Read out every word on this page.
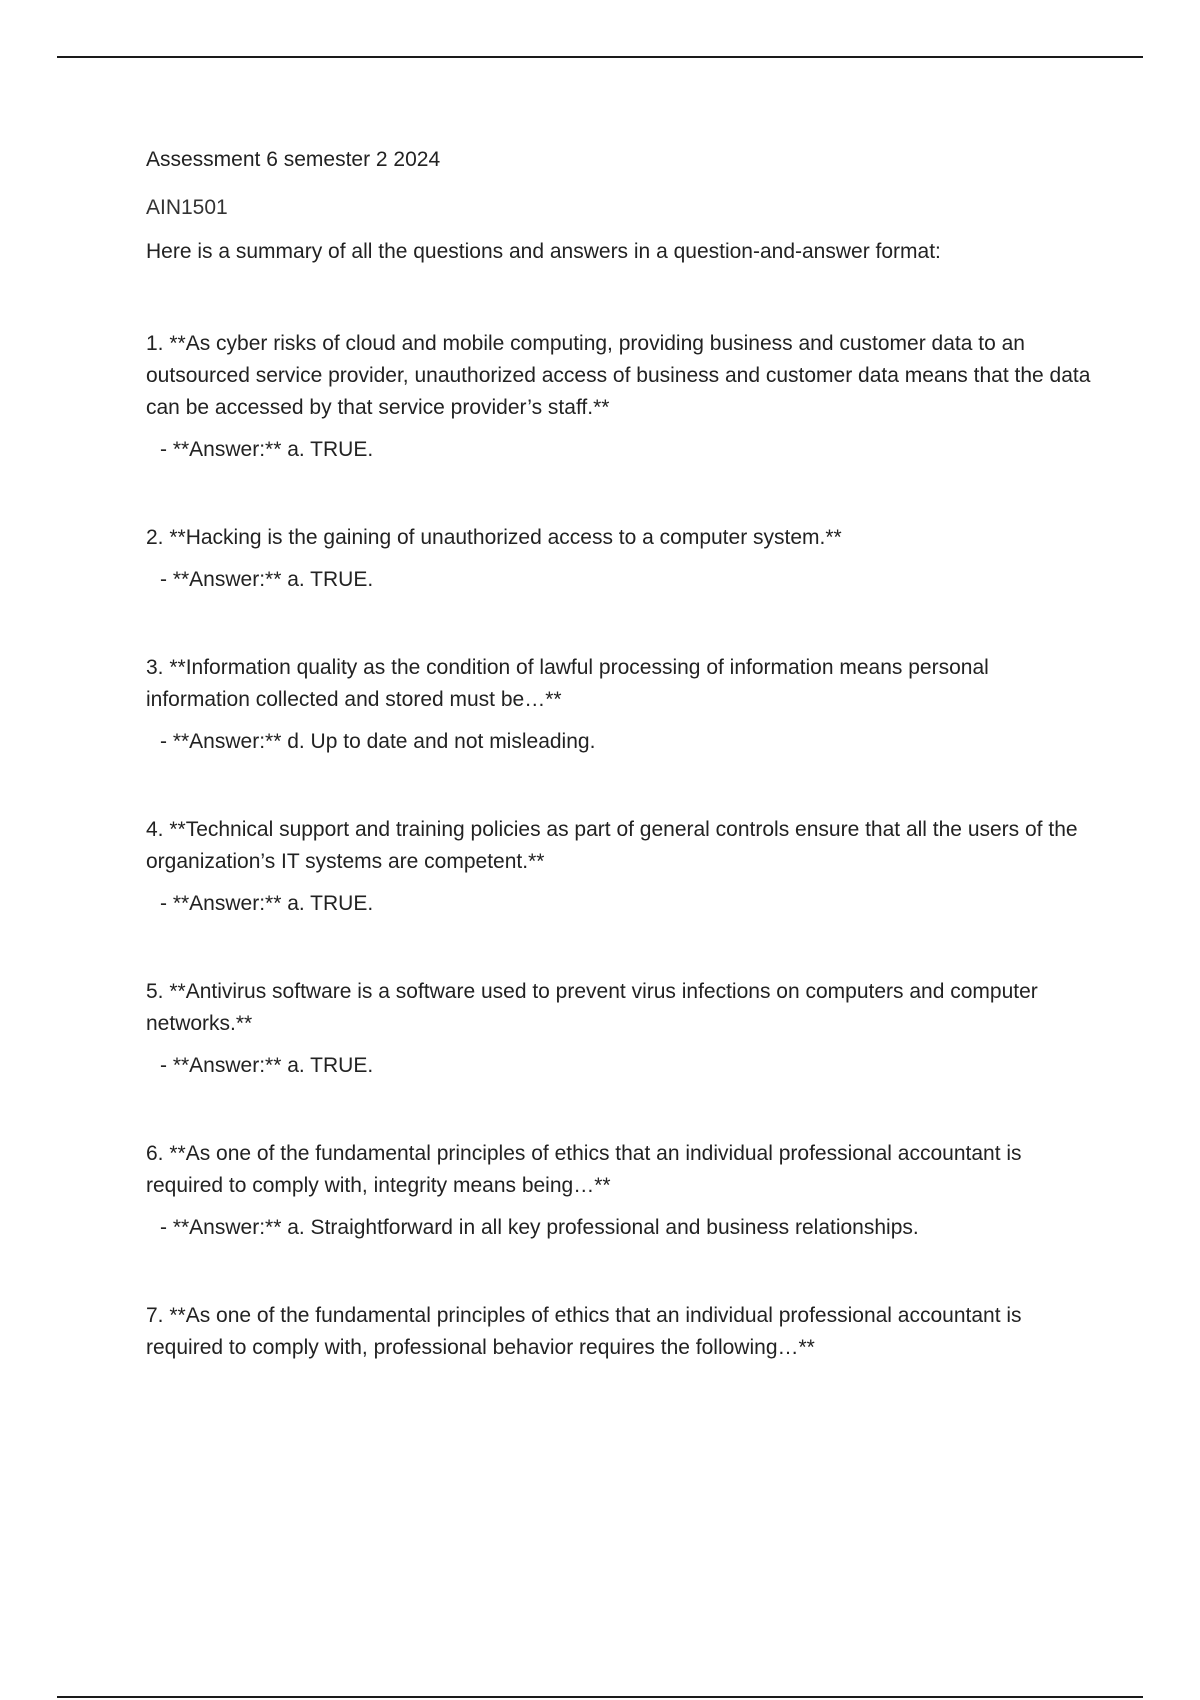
Assessment 6 semester 2 2024

AIN1501

Here is a summary of all the questions and answers in a question-and-answer format:

1. **As cyber risks of cloud and mobile computing, providing business and customer data to an outsourced service provider, unauthorized access of business and customer data means that the data can be accessed by that service provider’s staff.**

- **Answer:** a. TRUE.

2. **Hacking is the gaining of unauthorized access to a computer system.**

- **Answer:** a. TRUE.

3. **Information quality as the condition of lawful processing of information means personal information collected and stored must be…**

- **Answer:** d. Up to date and not misleading.

4. **Technical support and training policies as part of general controls ensure that all the users of the organization’s IT systems are competent.**

- **Answer:** a. TRUE.

5. **Antivirus software is a software used to prevent virus infections on computers and computer networks.**

- **Answer:** a. TRUE.

6. **As one of the fundamental principles of ethics that an individual professional accountant is required to comply with, integrity means being…**

- **Answer:** a. Straightforward in all key professional and business relationships.

7. **As one of the fundamental principles of ethics that an individual professional accountant is required to comply with, professional behavior requires the following…**
